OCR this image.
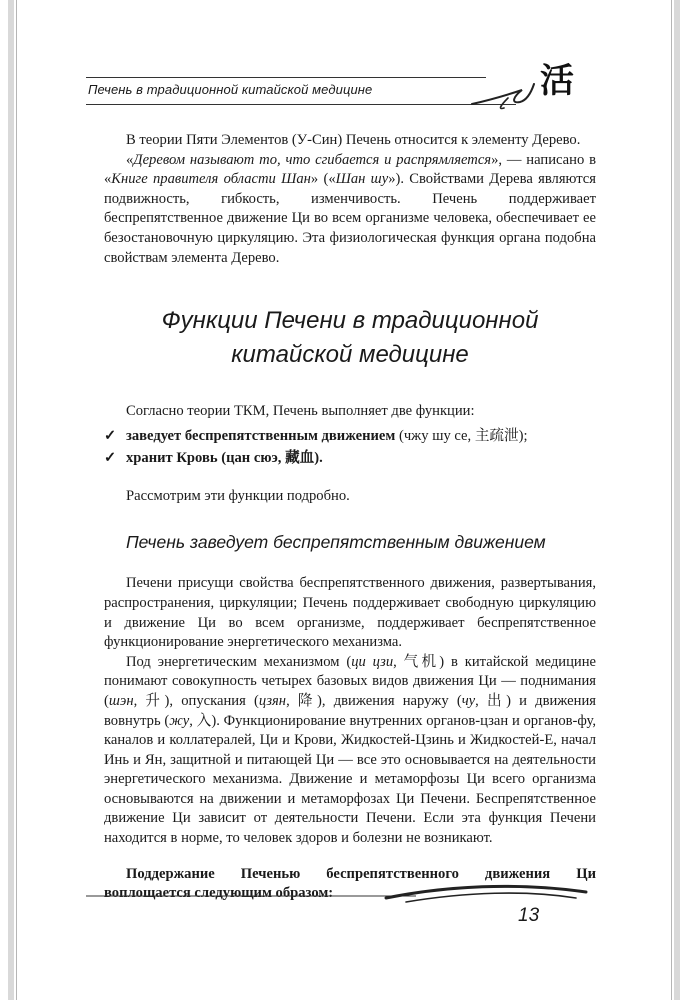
Печень в традиционной китайской медицине	活

В теории Пяти Элементов (У-Син) Печень относится к элементу Дерево.

«Деревом называют то, что сгибается и распрямляется», — написано в «Книге правителя области Шан» («Шан шу»). Свойствами Дерева являются подвижность, гибкость, изменчивость. Печень поддерживает беспрепятственное движение Ци во всем организме человека, обеспечивает ее безостановочную циркуляцию. Эта физиологическая функция органа подобна свойствам элемента Дерево.

Функции Печени в традиционной
китайской медицине

Согласно теории ТКМ, Печень выполняет две функции:

✓ заведует беспрепятственным движением (чжу шу се, 主疏泄);
✓ хранит Кровь (цан сюэ, 藏血).

Рассмотрим эти функции подробно.

Печень заведует беспрепятственным движением

Печени присущи свойства беспрепятственного движения, развертывания, распространения, циркуляции; Печень поддерживает свободную циркуляцию и движение Ци во всем организме, поддерживает беспрепятственное функционирование энергетического механизма.

Под энергетическим механизмом (ци цзи, 气机) в китайской медицине понимают совокупность четырех базовых видов движения Ци — поднимания (шэн, 升), опускания (цзян, 降), движения наружу (чу, 出) и движения вовнутрь (жу, 入). Функционирование внутренних органов-цзан и органов-фу, каналов и коллатералей, Ци и Крови, Жидкостей-Цзинь и Жидкостей-Е, начал Инь и Ян, защитной и питающей Ци — все это основывается на деятельности энергетического механизма. Движение и метаморфозы Ци всего организма основываются на движении и метаморфозах Ци Печени. Беспрепятственное движение Ци зависит от деятельности Печени. Если эта функция Печени находится в норме, то человек здоров и болезни не возникают.

Поддержание Печенью беспрепятственного движения Ци воплощается следующим образом:

13
